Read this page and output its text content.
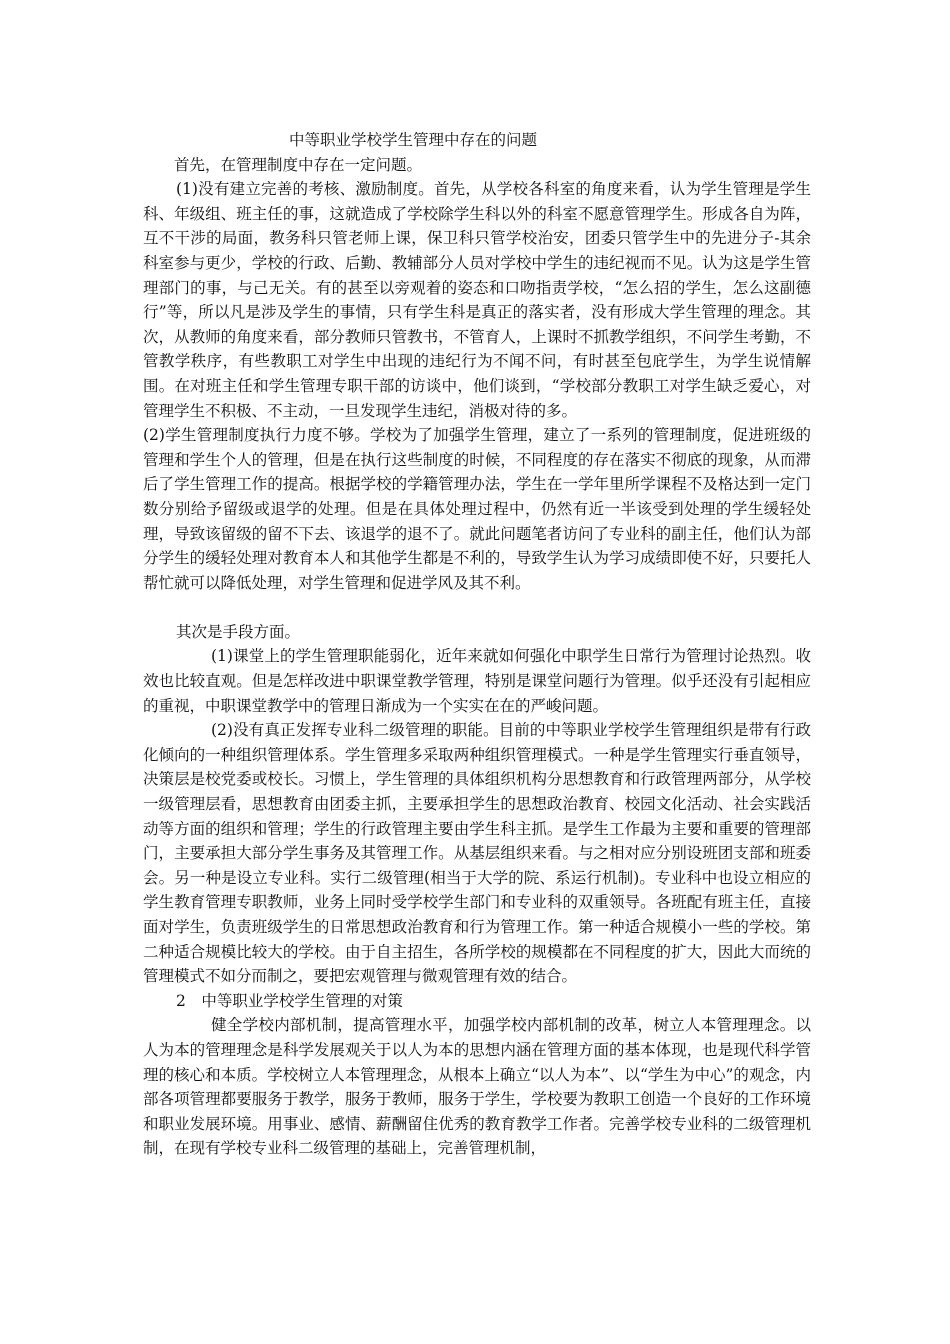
中等职业学校学生管理中存在的问题

首先，在管理制度中存在一定问题。

(1)没有建立完善的考核、激励制度。首先，从学校各科室的角度来看，认为学生管理是学生科、年级组、班主任的事，这就造成了学校除学生科以外的科室不愿意管理学生。形成各自为阵，互不干涉的局面，教务科只管老师上课，保卫科只管学校治安，团委只管学生中的先进分子-其余科室参与更少，学校的行政、后勤、教辅部分人员对学校中学生的违纪视而不见。认为这是学生管理部门的事，与己无关。有的甚至以旁观着的姿态和口吻指责学校，“怎么招的学生，怎么这副德行”等，所以凡是涉及学生的事情，只有学生科是真正的落实者，没有形成大学生管理的理念。其次，从教师的角度来看，部分教师只管教书，不管育人，上课时不抓教学组织，不问学生考勤，不管教学秩序，有些教职工对学生中出现的违纪行为不闻不问，有时甚至包庇学生，为学生说情解围。在对班主任和学生管理专职干部的访谈中，他们谈到，“学校部分教职工对学生缺乏爱心，对管理学生不积极、不主动，一旦发现学生违纪，消极对待的多。

(2)学生管理制度执行力度不够。学校为了加强学生管理，建立了一系列的管理制度，促进班级的管理和学生个人的管理，但是在执行这些制度的时候，不同程度的存在落实不彻底的现象，从而滞后了学生管理工作的提高。根据学校的学籍管理办法，学生在一学年里所学课程不及格达到一定门数分别给予留级或退学的处理。但是在具体处理过程中，仍然有近一半该受到处理的学生缓轻处理，导致该留级的留不下去、该退学的退不了。就此问题笔者访问了专业科的副主任，他们认为部分学生的缓轻处理对教育本人和其他学生都是不利的，导致学生认为学习成绩即使不好，只要托人帮忙就可以降低处理，对学生管理和促进学风及其不利。

其次是手段方面。

(1)课堂上的学生管理职能弱化，近年来就如何强化中职学生日常行为管理讨论热烈。收效也比较直观。但是怎样改进中职课堂教学管理，特别是课堂问题行为管理。似乎还没有引起相应的重视，中职课堂教学中的管理日渐成为一个实实在在的严峻问题。

(2)没有真正发挥专业科二级管理的职能。目前的中等职业学校学生管理组织是带有行政化倾向的一种组织管理体系。学生管理多采取两种组织管理模式。一种是学生管理实行垂直领导，决策层是校党委或校长。习惯上，学生管理的具体组织机构分思想教育和行政管理两部分，从学校一级管理层看，思想教育由团委主抓，主要承担学生的思想政治教育、校园文化活动、社会实践活动等方面的组织和管理；学生的行政管理主要由学生科主抓。是学生工作最为主要和重要的管理部门，主要承担大部分学生事务及其管理工作。从基层组织来看。与之相对应分别设班团支部和班委会。另一种是设立专业科。实行二级管理(相当于大学的院、系运行机制)。专业科中也设立相应的学生教育管理专职教师，业务上同时受学校学生部门和专业科的双重领导。各班配有班主任，直接面对学生，负责班级学生的日常思想政治教育和行为管理工作。第一种适合规模小一些的学校。第二种适合规模比较大的学校。由于自主招生，各所学校的规模都在不同程度的扩大，因此大而统的管理模式不如分而制之，要把宏观管理与微观管理有效的结合。

2　中等职业学校学生管理的对策

健全学校内部机制，提高管理水平，加强学校内部机制的改革，树立人本管理理念。以人为本的管理理念是科学发展观关于以人为本的思想内涵在管理方面的基本体现，也是现代科学管理的核心和本质。学校树立人本管理理念，从根本上确立“以人为本”、以“学生为中心”的观念，内部各项管理都要服务于教学，服务于教师，服务于学生，学校要为教职工创造一个良好的工作环境和职业发展环境。用事业、感情、薪酬留住优秀的教育教学工作者。完善学校专业科的二级管理机制，在现有学校专业科二级管理的基础上，完善管理机制，
